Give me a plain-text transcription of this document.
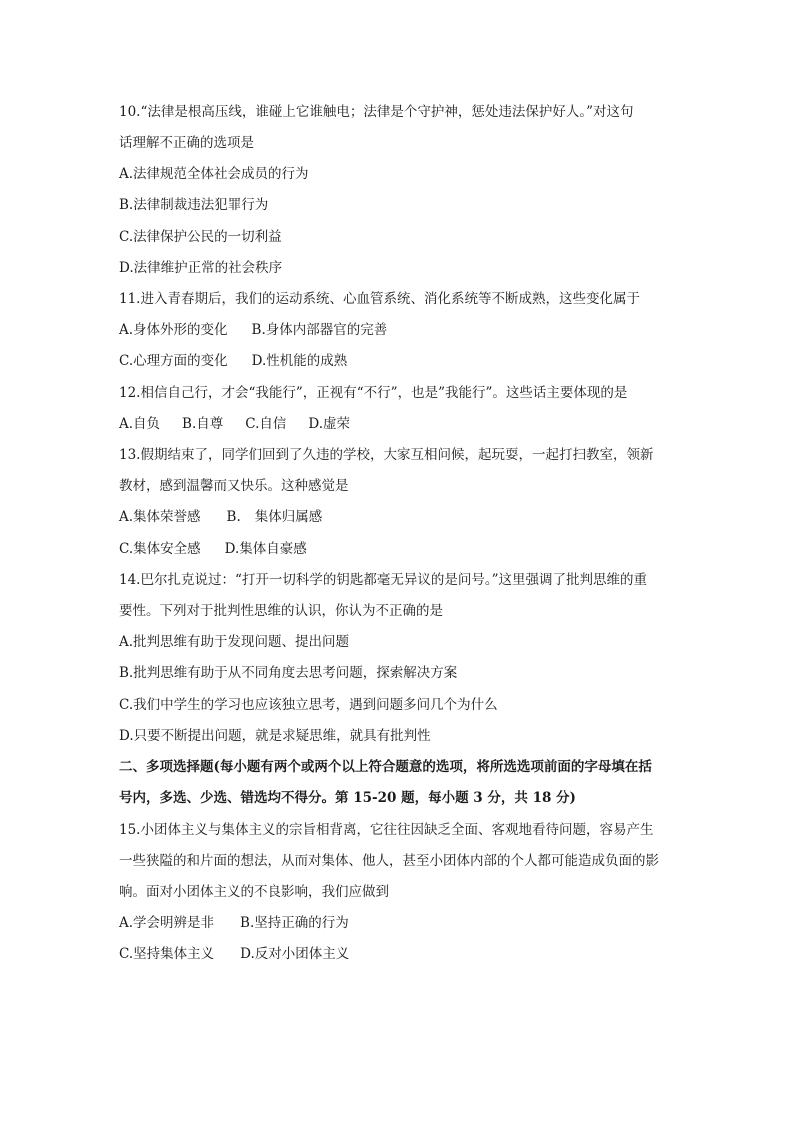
10.“法律是根高压线，谁碰上它谁触电；法律是个守护神，惩处违法保护好人。”对这句
话理解不正确的选项是
A.法律规范全体社会成员的行为
B.法律制裁违法犯罪行为
C.法律保护公民的一切利益
D.法律维护正常的社会秩序
11.进入青春期后，我们的运动系统、心血管系统、消化系统等不断成熟，这些变化属于
A.身体外形的变化 B.身体内部器官的完善
C.心理方面的变化 D.性机能的成熟
12.相信自己行，才会“我能行”，正视有“不行”，也是”我能行”。这些话主要体现的是
A.自负 B.自尊 C.自信 D.虚荣
13.假期结束了，同学们回到了久违的学校，大家互相问候，起玩耍，一起打扫教室，领新
教材，感到温馨而又快乐。这种感觉是
A.集体荣誉感 B. 集体归属感
C.集体安全感 D.集体自豪感
14.巴尔扎克说过：“打开一切科学的钥匙都毫无异议的是问号。”这里强调了批判思维的重
要性。下列对于批判性思维的认识，你认为不正确的是
A.批判思维有助于发现问题、提出问题
B.批判思维有助于从不同角度去思考问题，探索解决方案
C.我们中学生的学习也应该独立思考，遇到问题多问几个为什么
D.只要不断提出问题，就是求疑思维，就具有批判性
二、多项选择题(每小题有两个或两个以上符合题意的选项，将所选选项前面的字母填在括
号内，多选、少选、错选均不得分。第 15-20 题，每小题 3 分，共 18 分)
15.小团体主义与集体主义的宗旨相背离，它往往因缺乏全面、客观地看待问题，容易产生
一些狭隘的和片面的想法，从而对集体、他人，甚至小团体内部的个人都可能造成负面的影
响。面对小团体主义的不良影响，我们应做到
A.学会明辨是非 B.坚持正确的行为
C.坚持集体主义 D.反对小团体主义
